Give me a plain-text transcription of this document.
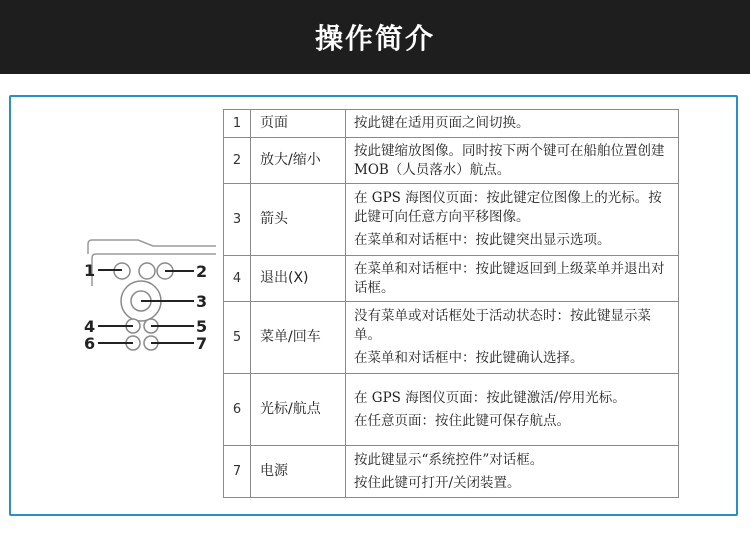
操作简介
1	2
3
4	5
6	7
1	页面	按此键在适用页面之间切换。

2	放大/缩小	按此键缩放图像。同时按下两个键可在船舶位置创建 MOB（人员落水）航点。

3	箭头	在 GPS 海图仪页面：按此键定位图像上的光标。按此键可向任意方向平移图像。

在菜单和对话框中：按此键突出显示选项。

4	退出(X)	在菜单和对话框中：按此键返回到上级菜单并退出对话框。

5	菜单/回车	没有菜单或对话框处于活动状态时：按此键显示菜单。

在菜单和对话框中：按此键确认选择。

6	光标/航点	在 GPS 海图仪页面：按此键激活/停用光标。

在任意页面：按住此键可保存航点。

7	电源	按此键显示“系统控件”对话框。

按住此键可打开/关闭装置。
